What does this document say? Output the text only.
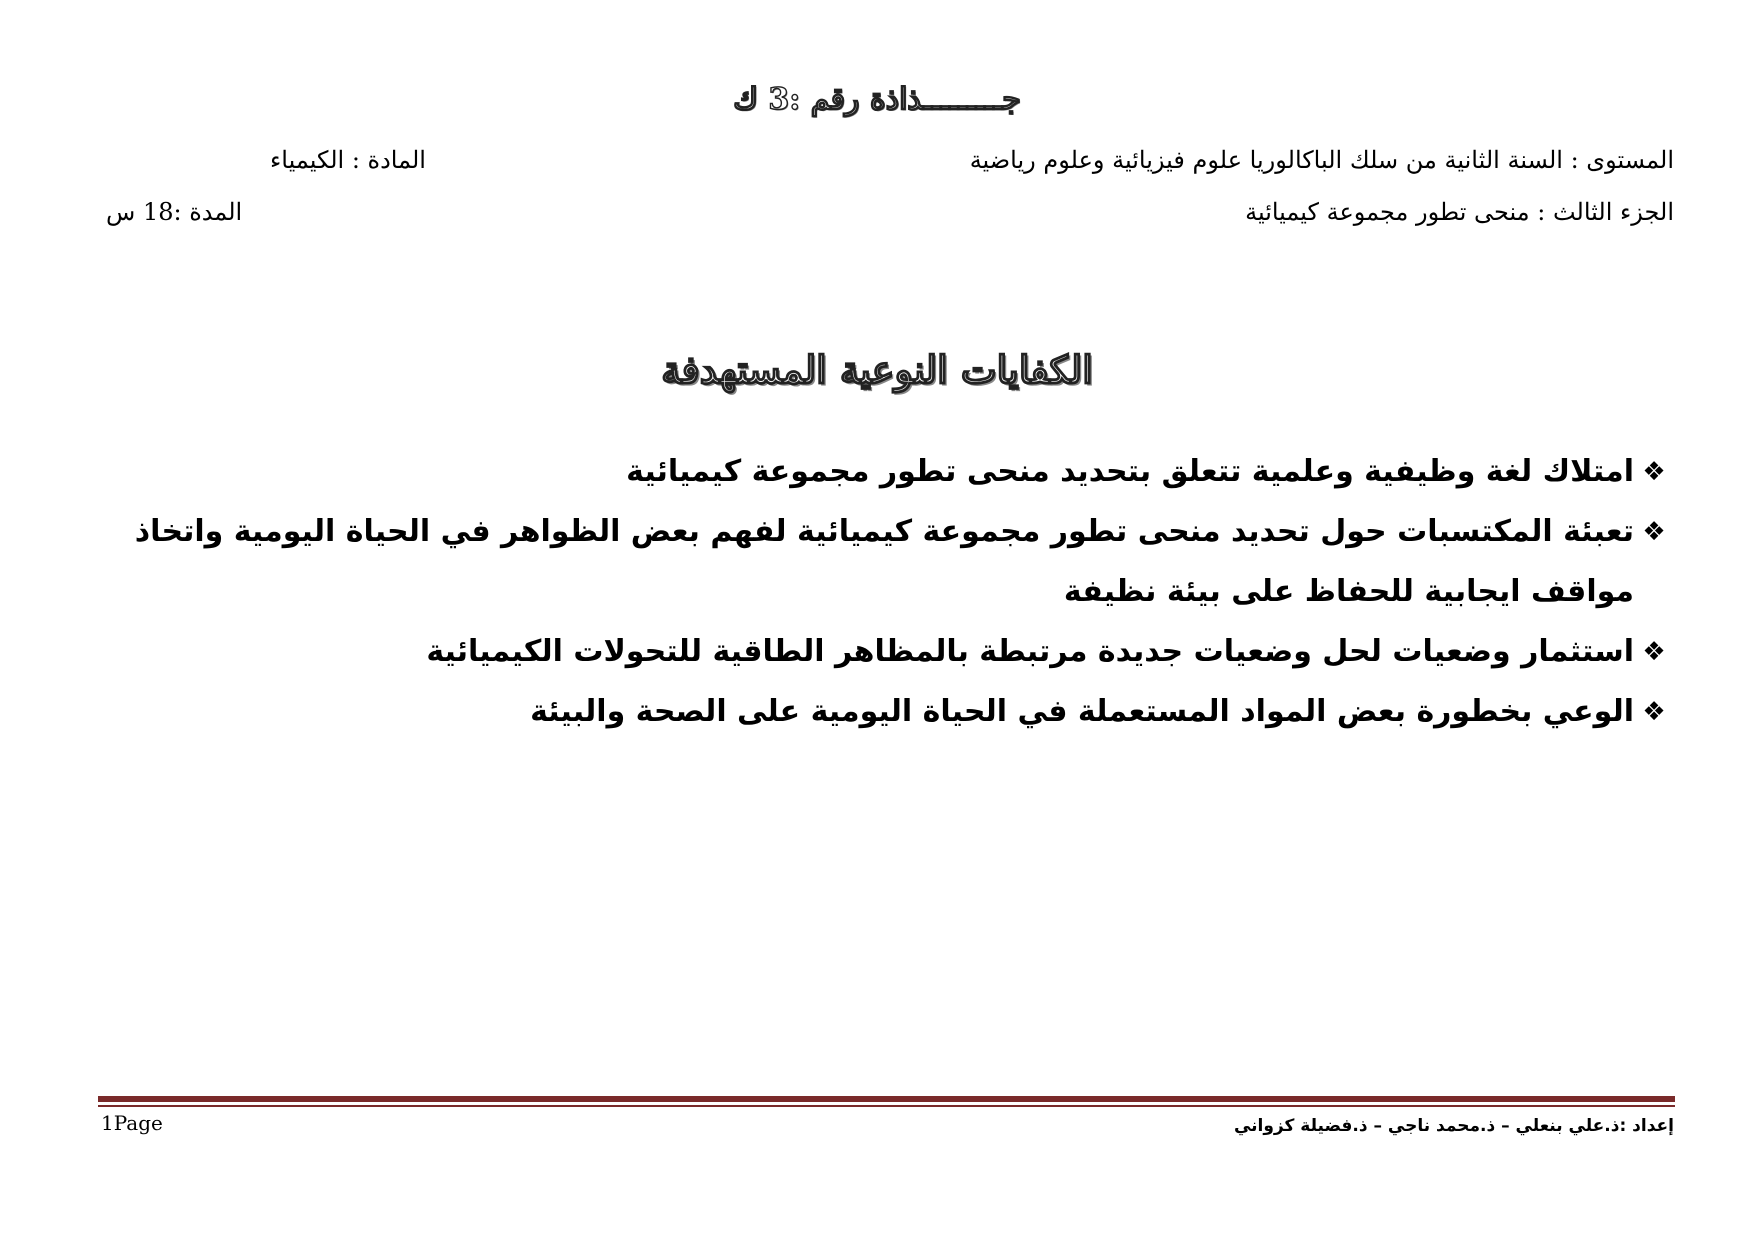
جـــــــــذاذة رقم :3 ك
المستوى : السنة الثانية من سلك الباكالوريا علوم فيزيائية وعلوم رياضية
المادة : الكيمياء
الجزء الثالث : منحى تطور مجموعة كيميائية
المدة :18 س
الكفايات النوعية المستهدفة
❖
امتلاك لغة وظيفية وعلمية تتعلق بتحديد منحى تطور مجموعة كيميائية
❖
تعبئة المكتسبات حول تحديد منحى تطور مجموعة كيميائية لفهم بعض الظواهر في الحياة اليومية واتخاذ مواقف ايجابية للحفاظ على بيئة نظيفة
❖
استثمار وضعيات لحل وضعيات جديدة مرتبطة بالمظاهر الطاقية للتحولات الكيميائية
❖
الوعي بخطورة بعض المواد المستعملة في الحياة اليومية على الصحة والبيئة
1Page	إعداد :ذ.علي بنعلي – ذ.محمد ناجي – ذ.فضيلة كزواني
